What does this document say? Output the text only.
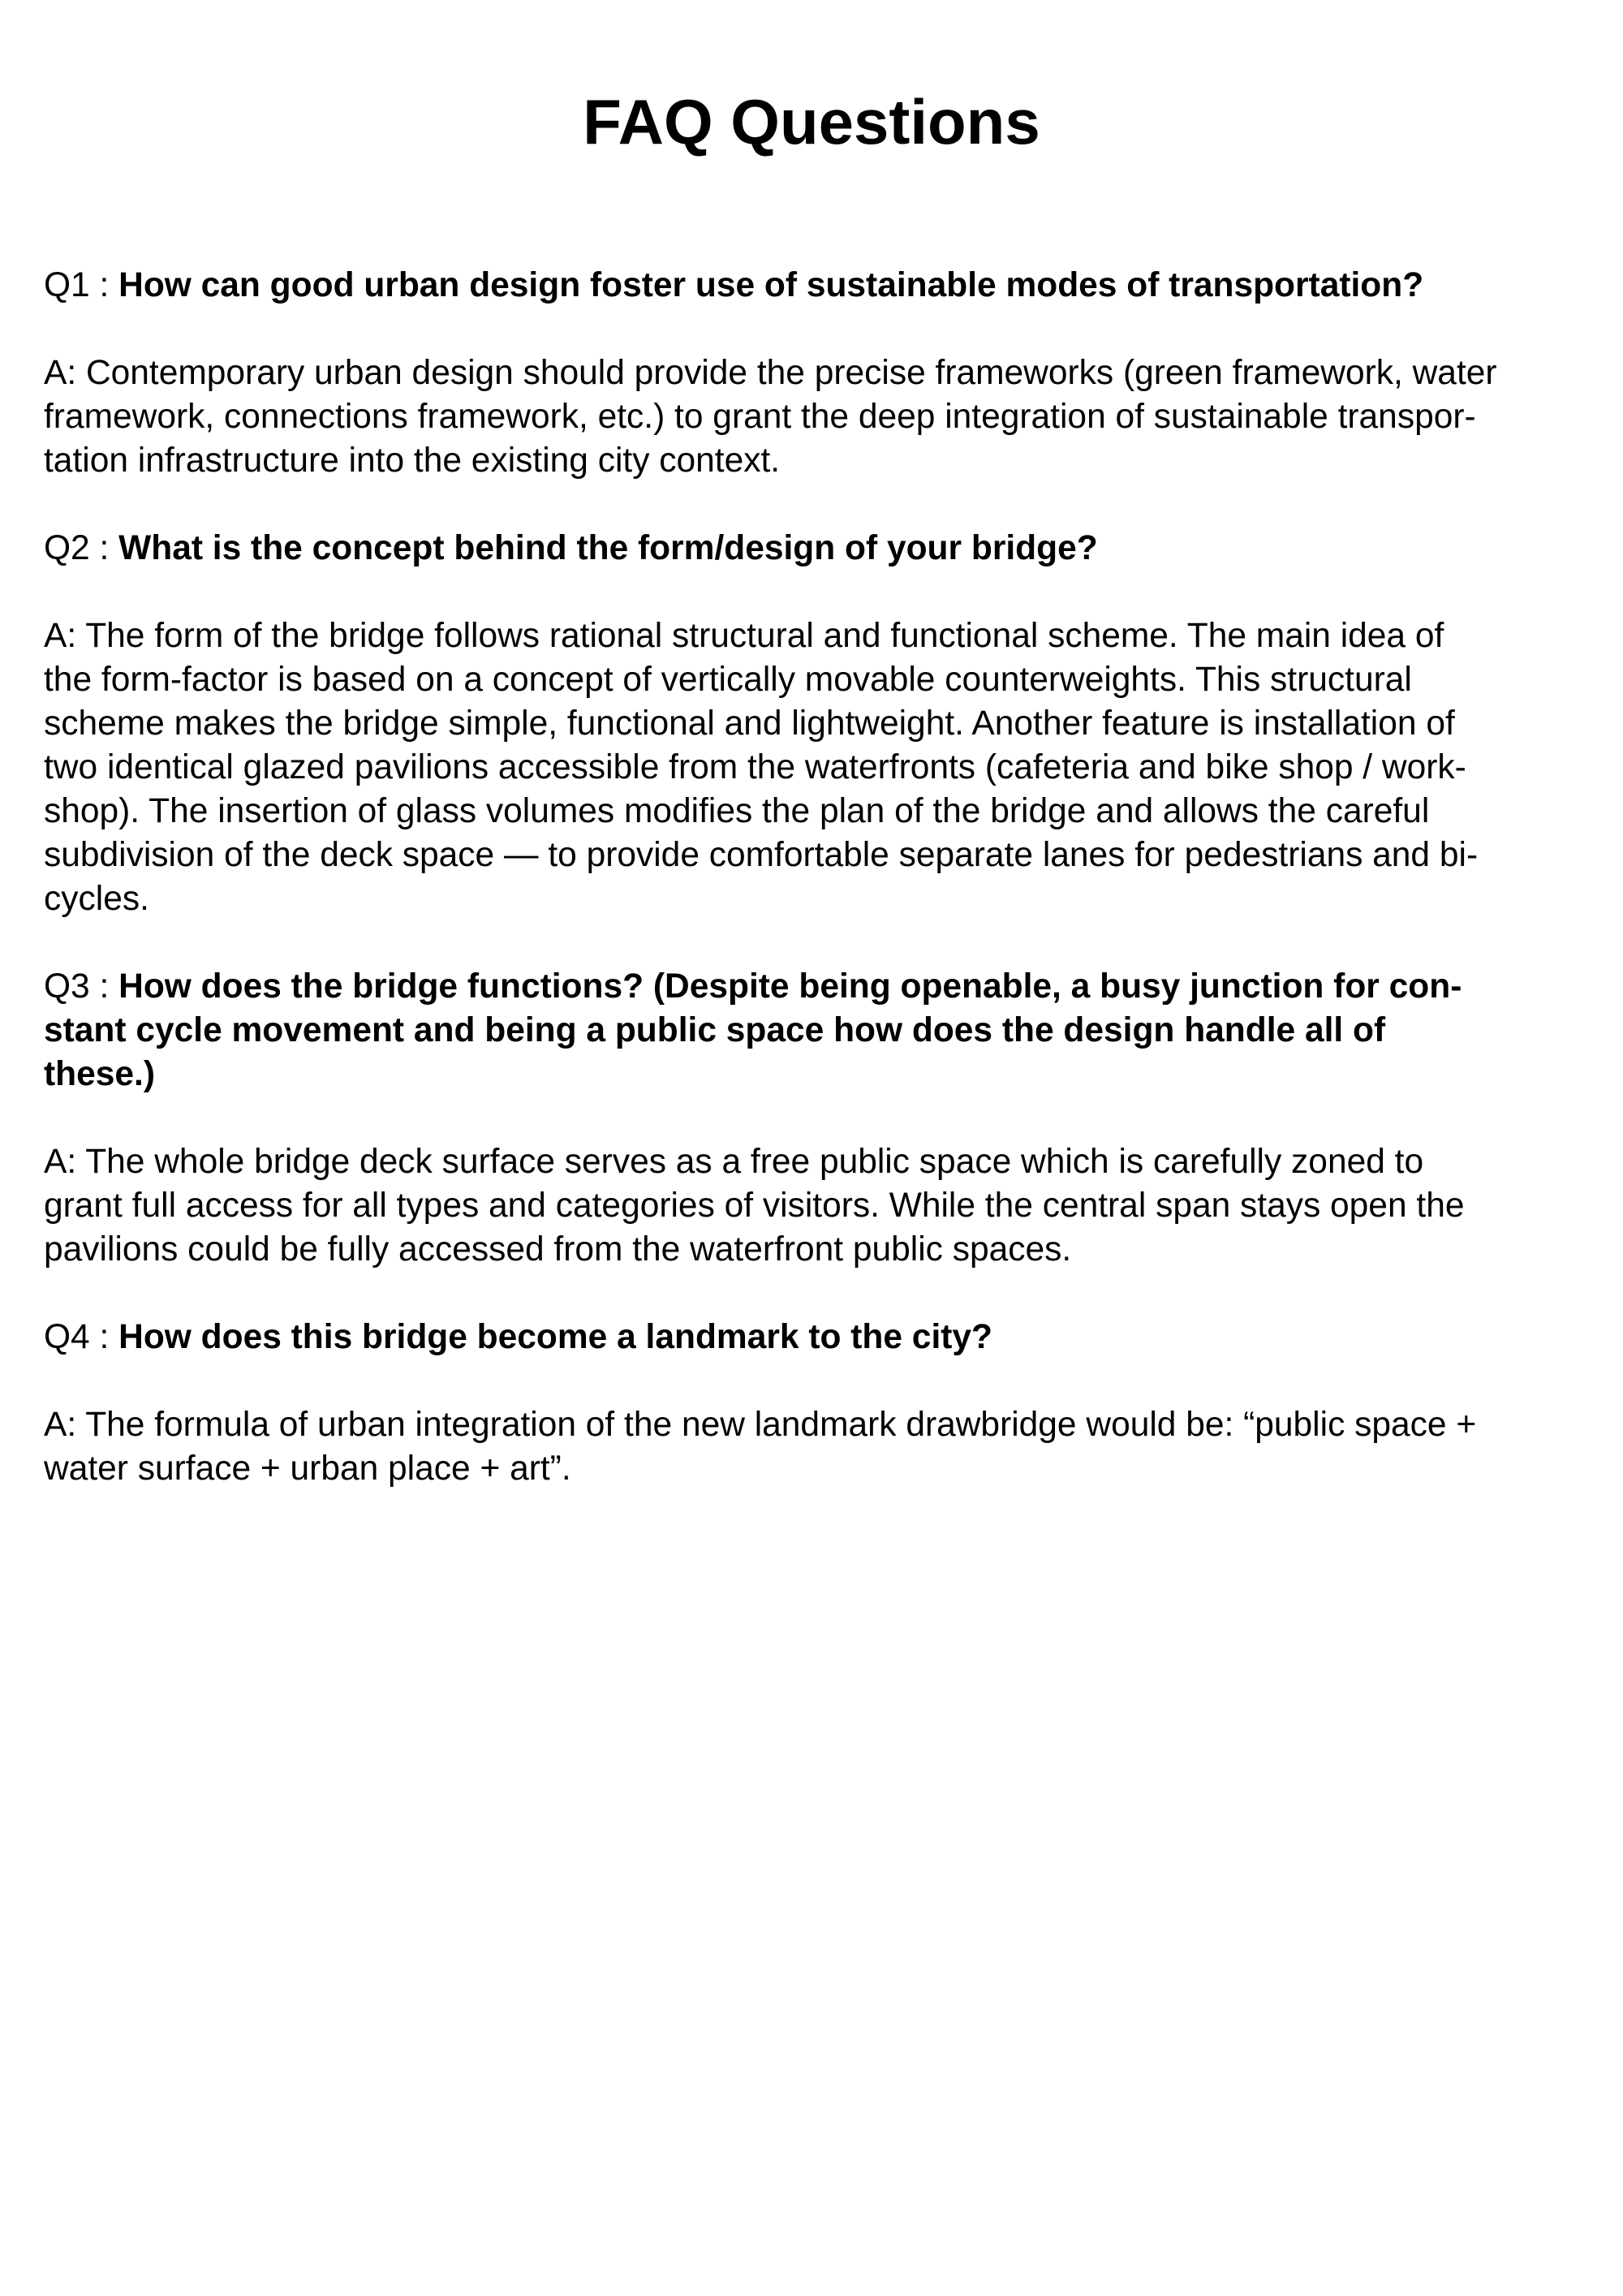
FAQ Questions

Q1 : How can good urban design foster use of sustainable modes of transportation?

A: Contemporary urban design should provide the precise frameworks (green framework, water
framework, connections framework, etc.) to grant the deep integration of sustainable transpor-
tation infrastructure into the existing city context.

Q2 : What is the concept behind the form/design of your bridge?

A: The form of the bridge follows rational structural and functional scheme. The main idea of
the form-factor is based on a concept of vertically movable counterweights. This structural
scheme makes the bridge simple, functional and lightweight. Another feature is installation of
two identical glazed pavilions accessible from the waterfronts (cafeteria and bike shop / work-
shop). The insertion of glass volumes modifies the plan of the bridge and allows the careful
subdivision of the deck space — to provide comfortable separate lanes for pedestrians and bi-
cycles.

Q3 : How does the bridge functions? (Despite being openable, a busy junction for con-
stant cycle movement and being a public space how does the design handle all of
these.)

A: The whole bridge deck surface serves as a free public space which is carefully zoned to
grant full access for all types and categories of visitors. While the central span stays open the
pavilions could be fully accessed from the waterfront public spaces.

Q4 : How does this bridge become a landmark to the city?

A: The formula of urban integration of the new landmark drawbridge would be: “public space +
water surface + urban place + art”.
